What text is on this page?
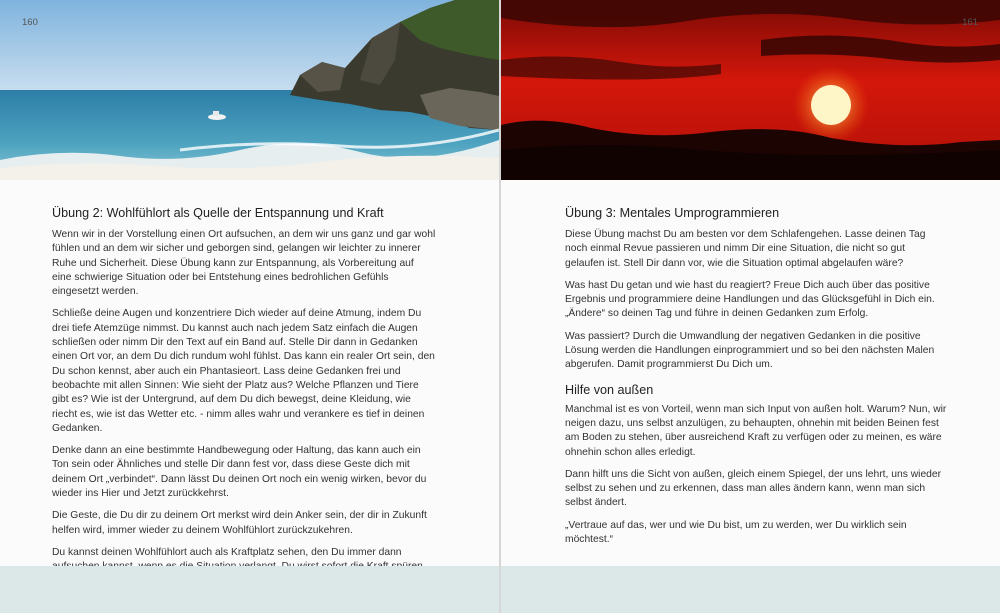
Übung 2: Wohlfühlort als Quelle der Entspannung und Kraft

Wenn wir in der Vorstellung einen Ort aufsuchen, an dem wir uns ganz und gar wohl fühlen und an dem wir sicher und geborgen sind, gelangen wir leichter zu innerer Ruhe und Sicherheit. Diese Übung kann zur Entspannung, als Vorbereitung auf eine schwierige Situation oder bei Entstehung eines bedrohlichen Gefühls eingesetzt werden.

Schließe deine Augen und konzentriere Dich wieder auf deine Atmung, indem Du drei tiefe Atemzüge nimmst. Du kannst auch nach jedem Satz einfach die Augen schließen oder nimm Dir den Text auf ein Band auf. Stelle Dir dann in Gedanken einen Ort vor, an dem Du dich rundum wohl fühlst. Das kann ein realer Ort sein, den Du schon kennst, aber auch ein Phantasieort. Lass deine Gedanken frei und beobachte mit allen Sinnen: Wie sieht der Platz aus? Welche Pflanzen und Tiere gibt es? Wie ist der Untergrund, auf dem Du dich bewegst, deine Kleidung, wie riecht es, wie ist das Wetter etc. - nimm alles wahr und verankere es tief in deinen Gedanken.

Denke dann an eine bestimmte Handbewegung oder Haltung, das kann auch ein Ton sein oder Ähnliches und stelle Dir dann fest vor, dass diese Geste dich mit deinem Ort „verbindet“. Dann lässt Du deinen Ort noch ein wenig wirken, bevor du wieder ins Hier und Jetzt zurückkehrst.

Die Geste, die Du dir zu deinem Ort merkst wird dein Anker sein, der dir in Zukunft helfen wird, immer wieder zu deinem Wohlfühlort zurückzukehren.

Du kannst deinen Wohlfühlort auch als Kraftplatz sehen, den Du immer dann

160
Übung 3: Mentales Umprogrammieren

Diese Übung machst Du am besten vor dem Schlafengehen. Lasse deinen Tag noch einmal Revue passieren und nimm Dir eine Situation, die nicht so gut gelaufen ist. Stell Dir dann vor, wie die Situation optimal abgelaufen wäre?

Was hast Du getan und wie hast du reagiert? Freue Dich auch über das positive Ergebnis und programmiere deine Handlungen und das Glücksgefühl in Dich ein. „Ändere“ so deinen Tag und führe in deinen Gedanken zum Erfolg.

Was passiert? Durch die Umwandlung der negativen Gedanken in die positive Lösung werden die Handlungen einprogrammiert und so bei den nächsten Malen abgerufen. Damit programmierst Du Dich um.

Hilfe von außen

Manchmal ist es von Vorteil, wenn man sich Input von außen holt. Warum? Nun, wir neigen dazu, uns selbst anzulügen, zu behaupten, ohnehin mit beiden Beinen fest am Boden zu stehen, über ausreichend Kraft zu verfügen oder zu meinen, es wäre ohnehin schon alles erledigt.

Dann hilft uns die Sicht von außen, gleich einem Spiegel, der uns lehrt, uns wieder selbst zu sehen und zu erkennen, dass man alles ändern kann, wenn man sich selbst ändert.

„Vertraue auf das, wer und wie Du bist, um zu werden, wer Du wirklich sein möchtest.“

161
